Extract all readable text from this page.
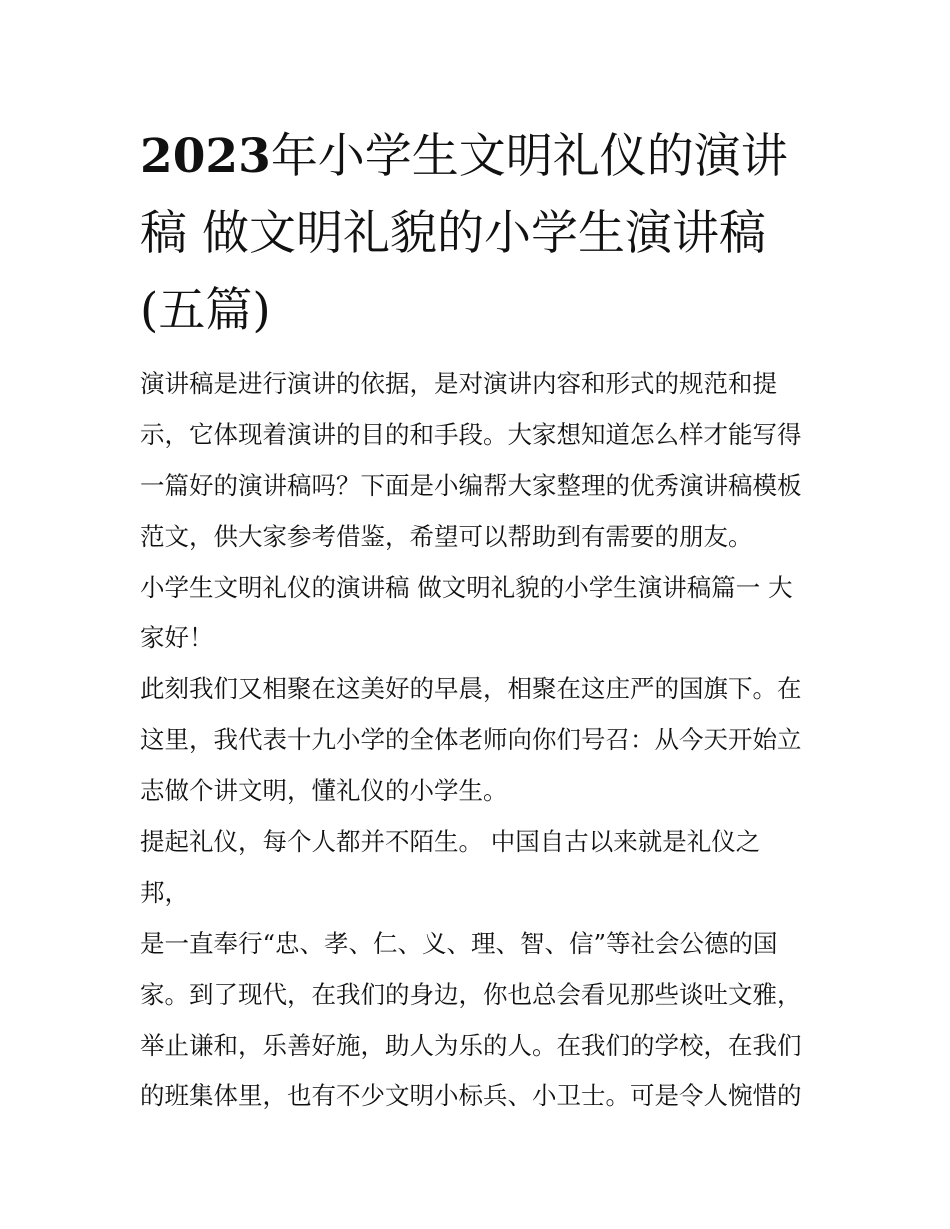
2023年小学生文明礼仪的演讲
稿 做文明礼貌的小学生演讲稿
(五篇)
演讲稿是进行演讲的依据，是对演讲内容和形式的规范和提
示，它体现着演讲的目的和手段。大家想知道怎么样才能写得
一篇好的演讲稿吗？下面是小编帮大家整理的优秀演讲稿模板
范文，供大家参考借鉴，希望可以帮助到有需要的朋友。
小学生文明礼仪的演讲稿 做文明礼貌的小学生演讲稿篇一 大
家好！
此刻我们又相聚在这美好的早晨，相聚在这庄严的国旗下。在
这里，我代表十九小学的全体老师向你们号召：从今天开始立
志做个讲文明，懂礼仪的小学生。
提起礼仪，每个人都并不陌生。 中国自古以来就是礼仪之
邦，
是一直奉行“忠、孝、仁、义、理、智、信”等社会公德的国
家。到了现代，在我们的身边，你也总会看见那些谈吐文雅，
举止谦和，乐善好施，助人为乐的人。在我们的学校，在我们
的班集体里，也有不少文明小标兵、小卫士。可是令人惋惜的
